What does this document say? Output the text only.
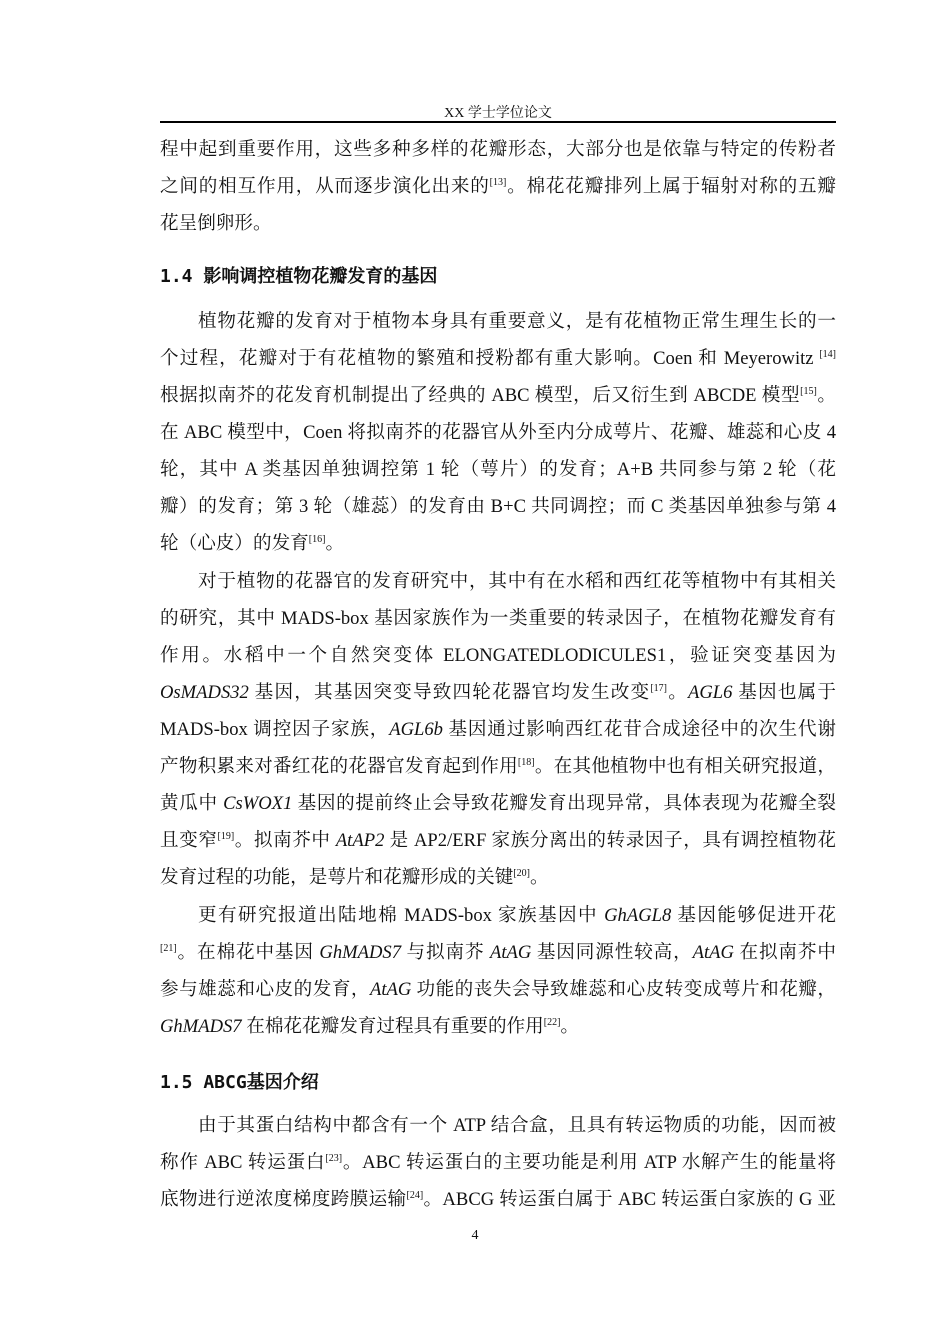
XX 学士学位论文
1.4 影响调控植物花瓣发育的基因
1.5 ABCG基因介绍
程中起到重要作用，这些多种多样的花瓣形态，大部分也是依靠与特定的传粉者
之间的相互作用，从而逐步演化出来的[13]。棉花花瓣排列上属于辐射对称的五瓣
花呈倒卵形。
植物花瓣的发育对于植物本身具有重要意义，是有花植物正常生理生长的一
个过程，花瓣对于有花植物的繁殖和授粉都有重大影响。Coen 和 Meyerowitz [14]
根据拟南芥的花发育机制提出了经典的 ABC 模型，后又衍生到 ABCDE 模型[15]。
在 ABC 模型中，Coen 将拟南芥的花器官从外至内分成萼片、花瓣、雄蕊和心皮 4
轮，其中 A 类基因单独调控第 1 轮（萼片）的发育；A+B 共同参与第 2 轮（花
瓣）的发育；第 3 轮（雄蕊）的发育由 B+C 共同调控；而 C 类基因单独参与第 4
轮（心皮）的发育[16]。
对于植物的花器官的发育研究中，其中有在水稻和西红花等植物中有其相关
的研究，其中 MADS-box 基因家族作为一类重要的转录因子，在植物花瓣发育有
作用。水稻中一个自然突变体 ELONGATEDLODICULES1，验证突变基因为
OsMADS32 基因，其基因突变导致四轮花器官均发生改变[17]。AGL6 基因也属于
MADS-box 调控因子家族，AGL6b 基因通过影响西红花苷合成途径中的次生代谢
产物积累来对番红花的花器官发育起到作用[18]。在其他植物中也有相关研究报道，
黄瓜中 CsWOX1 基因的提前终止会导致花瓣发育出现异常，具体表现为花瓣全裂
且变窄[19]。拟南芥中 AtAP2 是 AP2/ERF 家族分离出的转录因子，具有调控植物花
发育过程的功能，是萼片和花瓣形成的关键[20]。
更有研究报道出陆地棉 MADS-box 家族基因中 GhAGL8 基因能够促进开花
[21]。在棉花中基因 GhMADS7 与拟南芥 AtAG 基因同源性较高，AtAG 在拟南芥中
参与雄蕊和心皮的发育，AtAG 功能的丧失会导致雄蕊和心皮转变成萼片和花瓣，
GhMADS7 在棉花花瓣发育过程具有重要的作用[22]。
由于其蛋白结构中都含有一个 ATP 结合盒，且具有转运物质的功能，因而被
称作 ABC 转运蛋白[23]。ABC 转运蛋白的主要功能是利用 ATP 水解产生的能量将
底物进行逆浓度梯度跨膜运输[24]。ABCG 转运蛋白属于 ABC 转运蛋白家族的 G 亚
4
